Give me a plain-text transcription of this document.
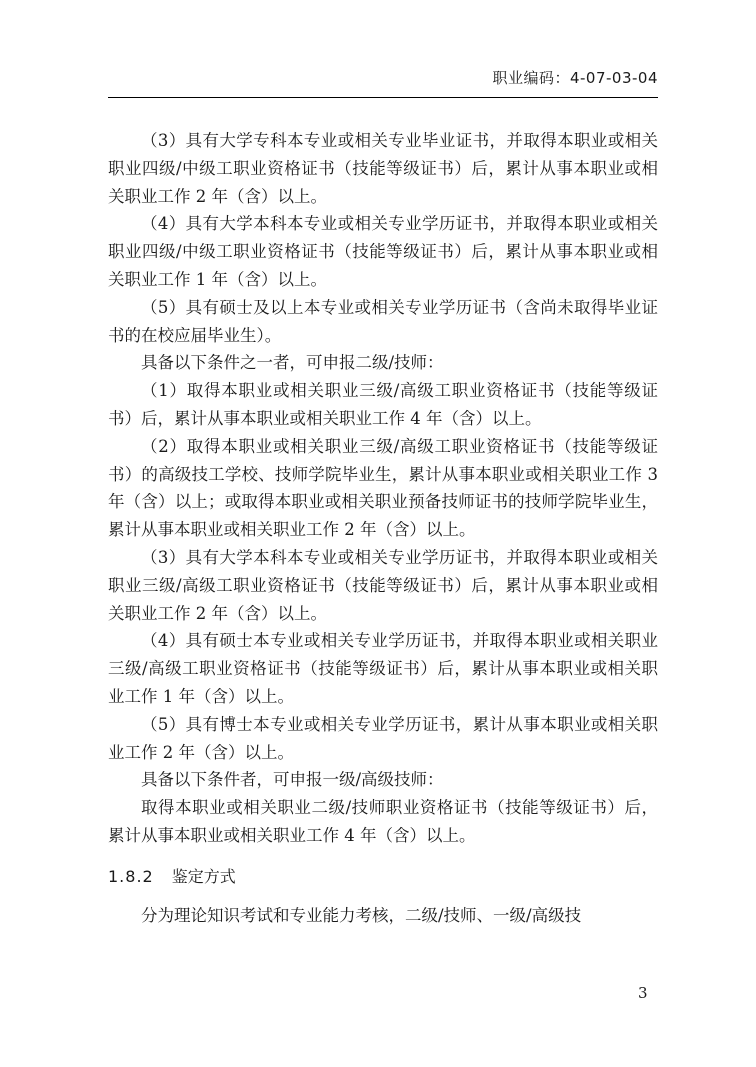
职业编码：4-07-03-04

（3）具有大学专科本专业或相关专业毕业证书，并取得本职业或相关职业四级/中级工职业资格证书（技能等级证书）后，累计从事本职业或相关职业工作 2 年（含）以上。

（4）具有大学本科本专业或相关专业学历证书，并取得本职业或相关职业四级/中级工职业资格证书（技能等级证书）后，累计从事本职业或相关职业工作 1 年（含）以上。

（5）具有硕士及以上本专业或相关专业学历证书（含尚未取得毕业证书的在校应届毕业生）。

具备以下条件之一者，可申报二级/技师：

（1）取得本职业或相关职业三级/高级工职业资格证书（技能等级证书）后，累计从事本职业或相关职业工作 4 年（含）以上。

（2）取得本职业或相关职业三级/高级工职业资格证书（技能等级证书）的高级技工学校、技师学院毕业生，累计从事本职业或相关职业工作 3 年（含）以上；或取得本职业或相关职业预备技师证书的技师学院毕业生，累计从事本职业或相关职业工作 2 年（含）以上。

（3）具有大学本科本专业或相关专业学历证书，并取得本职业或相关职业三级/高级工职业资格证书（技能等级证书）后，累计从事本职业或相关职业工作 2 年（含）以上。

（4）具有硕士本专业或相关专业学历证书，并取得本职业或相关职业三级/高级工职业资格证书（技能等级证书）后，累计从事本职业或相关职业工作 1 年（含）以上。

（5）具有博士本专业或相关专业学历证书，累计从事本职业或相关职业工作 2 年（含）以上。

具备以下条件者，可申报一级/高级技师：

取得本职业或相关职业二级/技师职业资格证书（技能等级证书）后，累计从事本职业或相关职业工作 4 年（含）以上。

1.8.2 鉴定方式

分为理论知识考试和专业能力考核，二级/技师、一级/高级技

3
